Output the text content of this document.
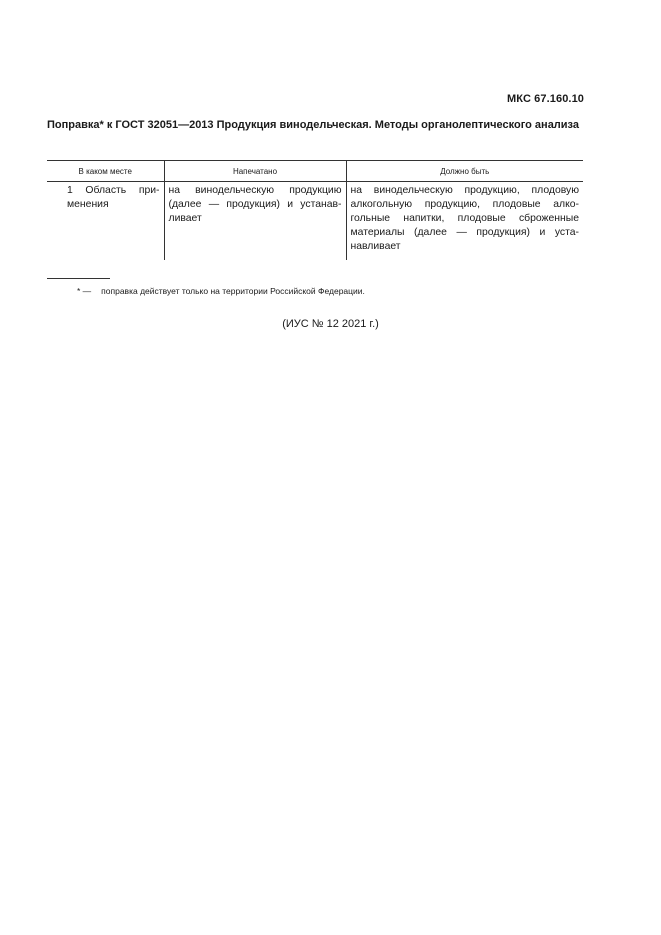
МКС 67.160.10
Поправка* к ГОСТ 32051—2013 Продукция винодельческая. Методы органолептического анализа
В каком месте	Напечатано	Должно быть
1 Область при-менения	на винодельческую продукцию (далее — продукция) и устанав-ливает	на винодельческую продукцию, плодовую алкогольную продукцию, плодовые алко-гольные напитки, плодовые сброженные материалы (далее — продукция) и уста-навливает
* — поправка действует только на территории Российской Федерации.
(ИУС № 12 2021 г.)
